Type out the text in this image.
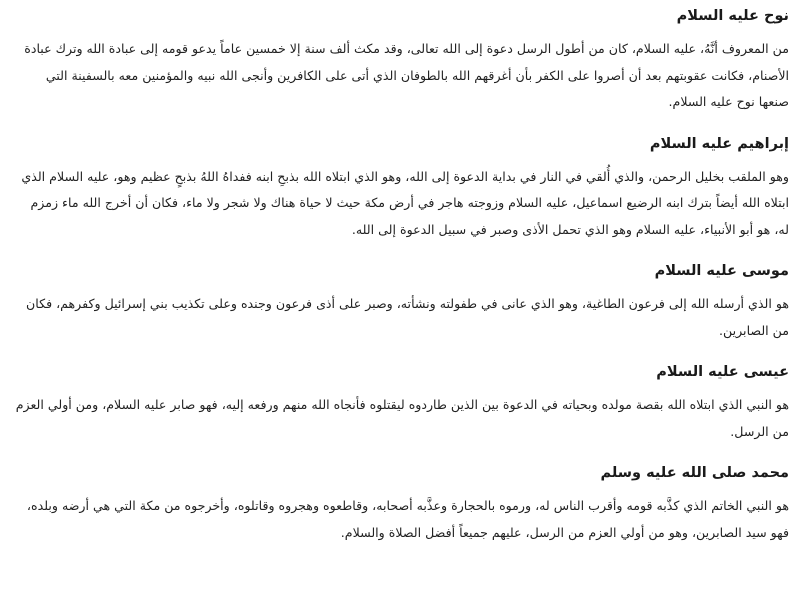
نوح عليه السلام

من المعروف أنَّهُ، عليه السلام، كان من أطول الرسل دعوة إلى الله تعالى، وقد مكث ألف سنة إلا خمسين عاماً يدعو قومه إلى عبادة الله وترك عبادة الأصنام، فكانت عقوبتهم بعد أن أصروا على الكفر بأن أغرقهم الله بالطوفان الذي أتى على الكافرين وأنجى الله نبيه والمؤمنين معه بالسفينة التي صنعها نوح عليه السلام.

إبراهيم عليه السلام

وهو الملقب بخليل الرحمن، والذي أُلقي في النار في بداية الدعوة إلى الله، وهو الذي ابتلاه الله بذبحِ ابنه ففداهُ اللهُ بذبحٍ عظيم وهو، عليه السلام الذي ابتلاه الله أيضاً بترك ابنه الرضيع اسماعيل، عليه السلام وزوجته هاجر في أرض مكة حيث لا حياة هناك ولا شجر ولا ماء، فكان أن أخرج الله ماء زمزم له، هو أبو الأنبياء، عليه السلام وهو الذي تحمل الأذى وصبر في سبيل الدعوة إلى الله.

موسى عليه السلام

هو الذي أرسله الله إلى فرعون الطاغية، وهو الذي عانى في طفولته ونشأته، وصبر على أذى فرعون وجنده وعلى تكذيب بني إسرائيل وكفرهم، فكان من الصابرين.

عيسى عليه السلام

هو النبي الذي ابتلاه الله بقصة مولده وبحياته في الدعوة بين الذين طاردوه ليقتلوه فأنجاه الله منهم ورفعه إليه، فهو صابر عليه السلام، ومن أولي العزم من الرسل.

محمد صلى الله عليه وسلم

هو النبي الخاتم الذي كذَّبه قومه وأقرب الناس له، ورموه بالحجارة وعذَّبه أصحابه، وقاطعوه وهجروه وقاتلوه، وأخرجوه من مكة التي هي أرضه وبلده، فهو سيد الصابرين، وهو من أولي العزم من الرسل، عليهم جميعاً أفضل الصلاة والسلام.
